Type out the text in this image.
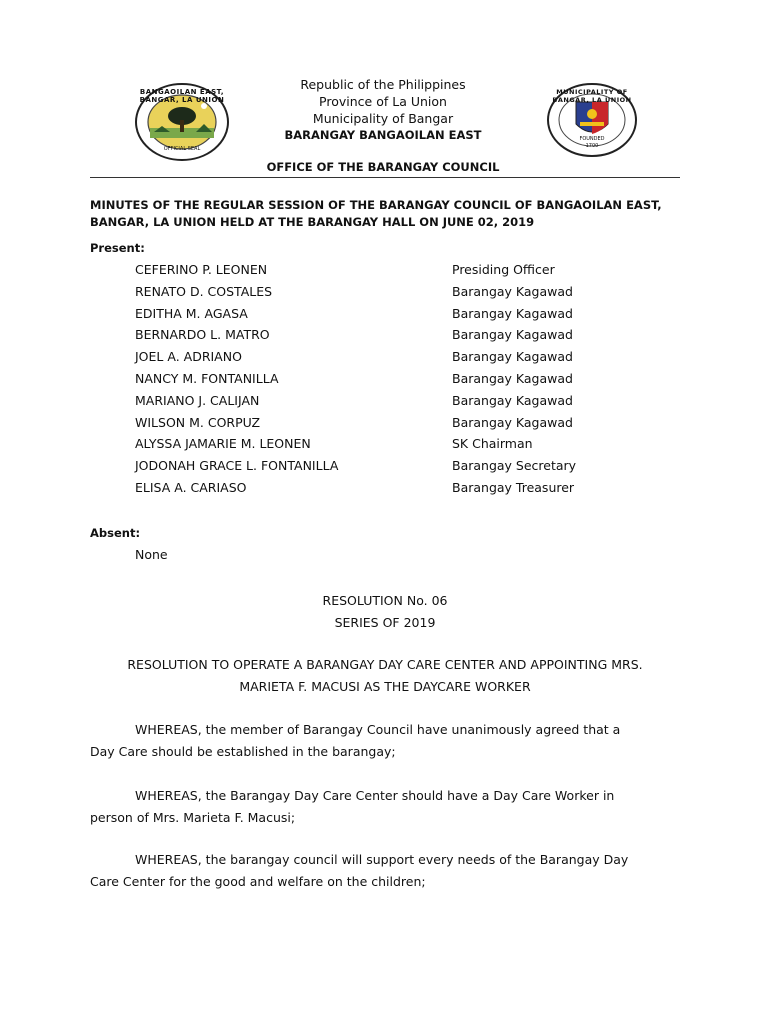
BANGAOILAN EAST, BANGAR, LA UNION
OFFICIAL SEAL
MUNICIPALITY OF BANGAR, LA UNION
FOUNDED
1700
Republic of the Philippines
Province of La Union
Municipality of Bangar
BARANGAY BANGAOILAN EAST
OFFICE OF THE BARANGAY COUNCIL
MINUTES OF THE REGULAR SESSION OF THE BARANGAY COUNCIL OF BANGAOILAN EAST,
BANGAR, LA UNION HELD AT THE BARANGAY HALL ON JUNE 02, 2019
Present:
CEFERINO P. LEONEN	Presiding Officer
RENATO D. COSTALES	Barangay Kagawad
EDITHA M. AGASA	Barangay Kagawad
BERNARDO L. MATRO	Barangay Kagawad
JOEL A. ADRIANO	Barangay Kagawad
NANCY M. FONTANILLA	Barangay Kagawad
MARIANO J. CALIJAN	Barangay Kagawad
WILSON M. CORPUZ	Barangay Kagawad
ALYSSA JAMARIE M. LEONEN	SK Chairman
JODONAH GRACE L. FONTANILLA	Barangay Secretary
ELISA A. CARIASO	Barangay Treasurer
Absent:
None
RESOLUTION No. 06
SERIES OF 2019
RESOLUTION TO OPERATE A BARANGAY DAY CARE CENTER AND APPOINTING MRS.
MARIETA F. MACUSI AS THE DAYCARE WORKER
WHEREAS, the member of Barangay Council have unanimously agreed that a
Day Care should be established in the barangay;
WHEREAS, the Barangay Day Care Center should have a Day Care Worker in
person of Mrs. Marieta F. Macusi;
WHEREAS, the barangay council will support every needs of the Barangay Day
Care Center for the good and welfare on the children;
